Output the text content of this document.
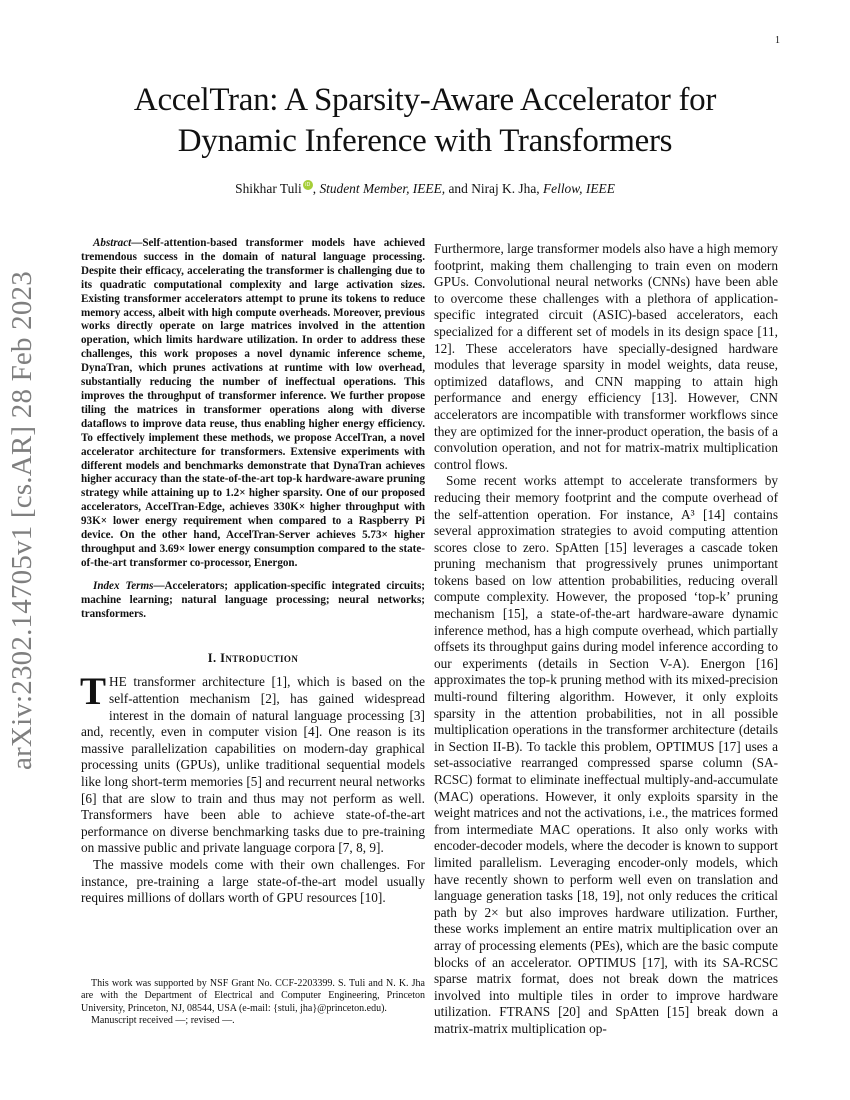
1
arXiv:2302.14705v1 [cs.AR] 28 Feb 2023
AccelTran: A Sparsity-Aware Accelerator for
Dynamic Inference with Transformers
Shikhar Tuli iD , Student Member, IEEE, and Niraj K. Jha, Fellow, IEEE

Abstract—Self-attention-based transformer models have achieved tremendous success in the domain of natural language processing. Despite their efficacy, accelerating the transformer is challenging due to its quadratic computational complexity and large activation sizes. Existing transformer accelerators attempt to prune its tokens to reduce memory access, albeit with high compute overheads. Moreover, previous works directly operate on large matrices involved in the attention operation, which limits hardware utilization. In order to address these challenges, this work proposes a novel dynamic inference scheme, DynaTran, which prunes activations at runtime with low overhead, substantially reducing the number of ineffectual operations. This improves the throughput of transformer inference. We further propose tiling the matrices in transformer operations along with diverse dataflows to improve data reuse, thus enabling higher energy efficiency. To effectively implement these methods, we propose AccelTran, a novel accelerator architecture for transformers. Extensive experiments with different models and benchmarks demonstrate that DynaTran achieves higher accuracy than the state-of-the-art top-k hardware-aware pruning strategy while attaining up to 1.2× higher sparsity. One of our proposed accelerators, AccelTran-Edge, achieves 330K× higher throughput with 93K× lower energy requirement when compared to a Raspberry Pi device. On the other hand, AccelTran-Server achieves 5.73× higher throughput and 3.69× lower energy consumption compared to the state-of-the-art transformer co-processor, Energon.

Index Terms—Accelerators; application-specific integrated circuits; machine learning; natural language processing; neural networks; transformers.

I. Introduction

THE transformer architecture [1], which is based on the self-attention mechanism [2], has gained widespread interest in the domain of natural language processing [3] and, recently, even in computer vision [4]. One reason is its massive parallelization capabilities on modern-day graphical processing units (GPUs), unlike traditional sequential models like long short-term memories [5] and recurrent neural networks [6] that are slow to train and thus may not perform as well. Transformers have been able to achieve state-of-the-art performance on diverse benchmarking tasks due to pre-training on massive public and private language corpora [7, 8, 9].

The massive models come with their own challenges. For instance, pre-training a large state-of-the-art model usually requires millions of dollars worth of GPU resources [10].

Furthermore, large transformer models also have a high memory footprint, making them challenging to train even on modern GPUs. Convolutional neural networks (CNNs) have been able to overcome these challenges with a plethora of application-specific integrated circuit (ASIC)-based accelerators, each specialized for a different set of models in its design space [11, 12]. These accelerators have specially-designed hardware modules that leverage sparsity in model weights, data reuse, optimized dataflows, and CNN mapping to attain high performance and energy efficiency [13]. However, CNN accelerators are incompatible with transformer workflows since they are optimized for the inner-product operation, the basis of a convolution operation, and not for matrix-matrix multiplication control flows.

Some recent works attempt to accelerate transformers by reducing their memory footprint and the compute overhead of the self-attention operation. For instance, A³ [14] contains several approximation strategies to avoid computing attention scores close to zero. SpAtten [15] leverages a cascade token pruning mechanism that progressively prunes unimportant tokens based on low attention probabilities, reducing overall compute complexity. However, the proposed ‘top-k’ pruning mechanism [15], a state-of-the-art hardware-aware dynamic inference method, has a high compute overhead, which partially offsets its throughput gains during model inference according to our experiments (details in Section V-A). Energon [16] approximates the top-k pruning method with its mixed-precision multi-round filtering algorithm. However, it only exploits sparsity in the attention probabilities, not in all possible multiplication operations in the transformer architecture (details in Section II-B). To tackle this problem, OPTIMUS [17] uses a set-associative rearranged compressed sparse column (SA-RCSC) format to eliminate ineffectual multiply-and-accumulate (MAC) operations. However, it only exploits sparsity in the weight matrices and not the activations, i.e., the matrices formed from intermediate MAC operations. It also only works with encoder-decoder models, where the decoder is known to support limited parallelism. Leveraging encoder-only models, which have recently shown to perform well even on translation and language generation tasks [18, 19], not only reduces the critical path by 2× but also improves hardware utilization. Further, these works implement an entire matrix multiplication over an array of processing elements (PEs), which are the basic compute blocks of an accelerator. OPTIMUS [17], with its SA-RCSC sparse matrix format, does not break down the matrices involved into multiple tiles in order to improve hardware utilization. FTRANS [20] and SpAtten [15] break down a matrix-matrix multiplication op-

This work was supported by NSF Grant No. CCF-2203399. S. Tuli and N. K. Jha are with the Department of Electrical and Computer Engineering, Princeton University, Princeton, NJ, 08544, USA (e-mail: {stuli, jha}@princeton.edu).

Manuscript received —; revised —.
